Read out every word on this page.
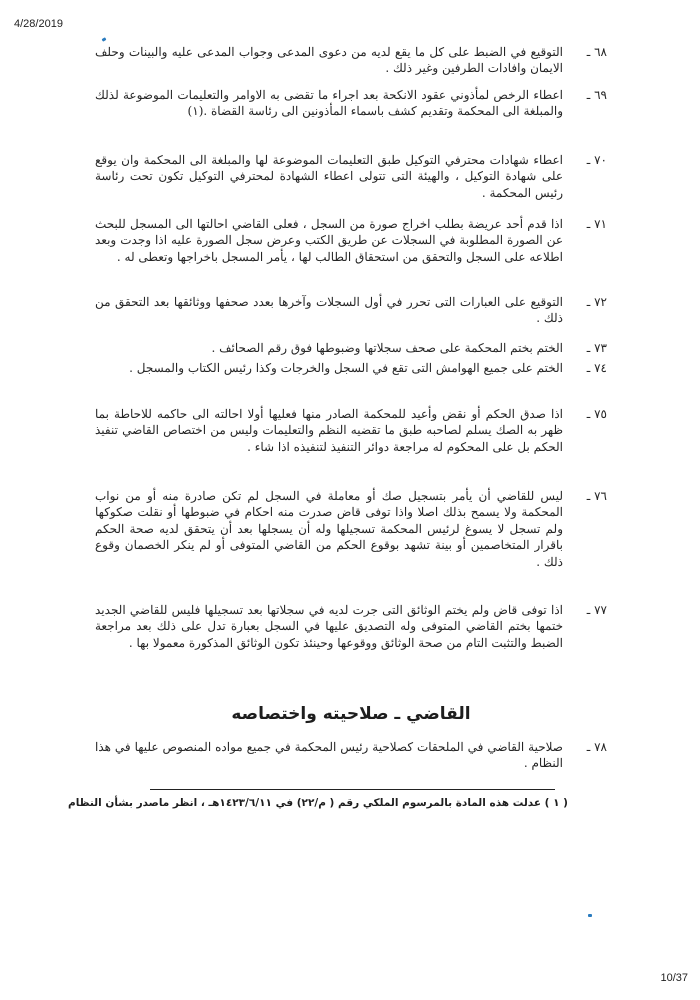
4/28/2019
٦٨ ـ
التوقيع في الضبط على كل ما يقع لديه من دعوى المدعى وجواب المدعى عليه والبينات وحلف الايمان وافادات الطرفين وغير ذلك .
٦٩ ـ
اعطاء الرخص لمأذوني عقود الانكحة بعد اجراء ما تقضى به الاوامر والتعليمات الموضوعة لذلك والمبلغة الى المحكمة وتقديم كشف باسماء المأذونين الى رئاسة القضاة .(١)
٧٠ ـ
اعطاء شهادات محترفي التوكيل طبق التعليمات الموضوعة لها والمبلغة الى المحكمة وان يوقع على شهادة التوكيل ، والهيئة التى تتولى اعطاء الشهادة لمحترفي التوكيل تكون تحت رئاسة رئيس المحكمة .
٧١ ـ
اذا قدم أحد عريضة بطلب اخراج صورة من السجل ، فعلى القاضي احالتها الى المسجل للبحث عن الصورة المطلوبة في السجلات عن طريق الكتب وعرض سجل الصورة عليه اذا وجدت وبعد اطلاعه على السجل والتحقق من استحقاق الطالب لها ، يأمر المسجل باخراجها وتعطى له .
٧٢ ـ
التوقيع على العبارات التى تحرر في أول السجلات وآخرها بعدد صحفها ووثائقها بعد التحقق من ذلك .
٧٣ ـ
الختم بختم المحكمة على صحف سجلاتها وضبوطها فوق رقم الصحائف .
٧٤ ـ
الختم على جميع الهوامش التى تقع في السجل والخرجات وكذا رئيس الكتاب والمسجل .
٧٥ ـ
اذا صدق الحكم أو نقض وأعيد للمحكمة الصادر منها فعليها أولا احالته الى حاكمه للاحاطة بما ظهر به الصك يسلم لصاحبه طبق ما تقضيه النظم والتعليمات وليس من اختصاص القاضي تنفيذ الحكم بل على المحكوم له مراجعة دوائر التنفيذ لتنفيذه اذا شاء .
٧٦ ـ
ليس للقاضي أن يأمر بتسجيل صك أو معاملة في السجل لم تكن صادرة منه أو من نواب المحكمة ولا يسمح بذلك اصلا واذا توفى قاض صدرت منه احكام في ضبوطها أو نقلت صكوكها ولم تسجل لا يسوغ لرئيس المحكمة تسجيلها وله أن يسجلها بعد أن يتحقق لديه صحة الحكم باقرار المتخاصمين أو بينة تشهد بوقوع الحكم من القاضي المتوفى أو لم ينكر الخصمان وقوع ذلك .
٧٧ ـ
اذا توفى قاض ولم يختم الوثائق التى جرت لديه في سجلاتها بعد تسجيلها فليس للقاضي الجديد ختمها بختم القاضي المتوفى وله التصديق عليها في السجل بعبارة تدل على ذلك بعد مراجعة الضبط والتثبت التام من صحة الوثائق ووقوعها وحينئذ تكون الوثائق المذكورة معمولا بها .
القاضي ـ صلاحيته واختصاصه
٧٨ ـ
صلاحية القاضي في الملحقات كصلاحية رئيس المحكمة في جميع مواده المنصوص عليها في هذا النظام .
( ١ ) عدلت هذه المادة بالمرسوم الملكي رقم ( م/٢٢) في ١٤٢٣/٦/١١هـ ، انظر ماصدر بشأن النظام
10/37
